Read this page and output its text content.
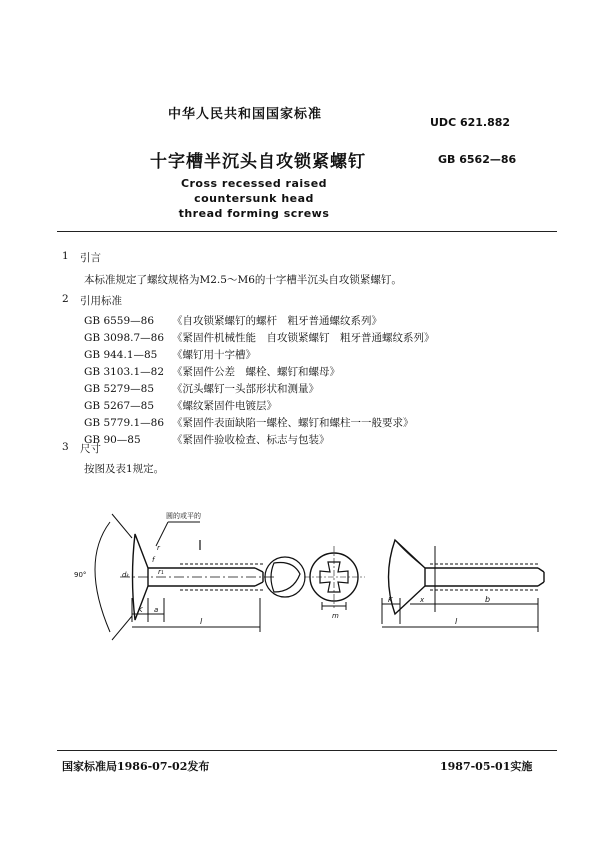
中华人民共和国国家标准
UDC 621.882
十字槽半沉头自攻锁紧螺钉	GB 6562—86
Cross recessed raised countersunk head
thread forming screws
1 引言
本标准规定了螺纹规格为M2.5～M6的十字槽半沉头自攻锁紧螺钉。
2 引用标准
GB 6559—86 《自攻锁紧螺钉的螺杆　粗牙普通螺纹系列》
GB 3098.7—86 《紧固件机械性能　自攻锁紧螺钉　粗牙普通螺纹系列》
GB 944.1—85 《螺钉用十字槽》
GB 3103.1—82 《紧固件公差　螺栓、螺钉和螺母》
GB 5279—85 《沉头螺钉一头部形状和测量》
GB 5267—85 《螺纹紧固件电镀层》
GB 5779.1—86 《紧固件表面缺陷一螺栓、螺钉和螺柱一一般要求》
GB 90—85	《紧固件验收检查、标志与包装》
3 尺寸
按图及表1规定。
圆的或平的
90°	dₖ
f
r
r₁
K a
l
m
K	x	b
l
国家标准局1986-07-02发布	1987-05-01实施
